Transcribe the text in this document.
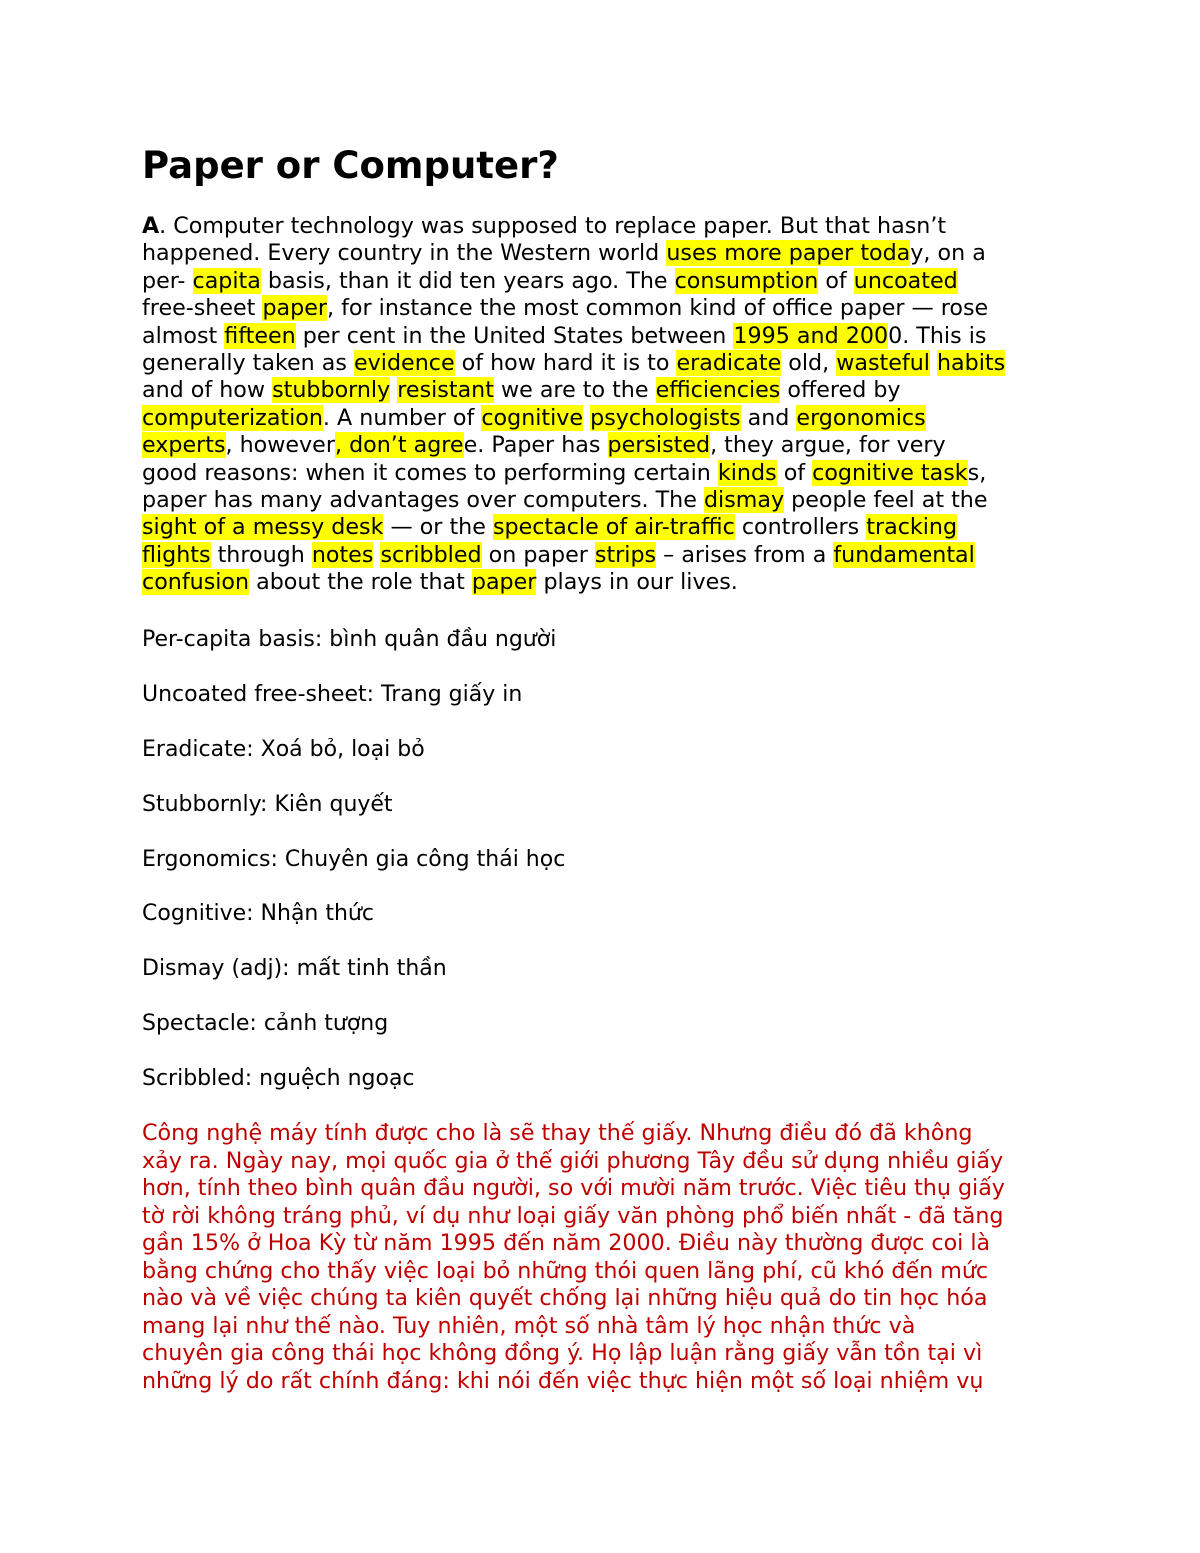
Paper or Computer?

A. Computer technology was supposed to replace paper. But that hasn’t
happened. Every country in the Western world uses more paper today, on a
per- capita basis, than it did ten years ago. The consumption of uncoated
free-sheet paper, for instance the most common kind of office paper — rose
almost fifteen per cent in the United States between 1995 and 2000. This is
generally taken as evidence of how hard it is to eradicate old, wasteful habits
and of how stubbornly resistant we are to the efficiencies offered by
computerization. A number of cognitive psychologists and ergonomics
experts, however, don’t agree. Paper has persisted, they argue, for very
good reasons: when it comes to performing certain kinds of cognitive tasks,
paper has many advantages over computers. The dismay people feel at the
sight of a messy desk — or the spectacle of air-traffic controllers tracking
flights through notes scribbled on paper strips – arises from a fundamental
confusion about the role that paper plays in our lives.

Per-capita basis: bình quân đầu người

Uncoated free-sheet: Trang giấy in

Eradicate: Xoá bỏ, loại bỏ

Stubbornly: Kiên quyết

Ergonomics: Chuyên gia công thái học

Cognitive: Nhận thức

Dismay (adj): mất tinh thần

Spectacle: cảnh tượng

Scribbled: nguệch ngoạc

Công nghệ máy tính được cho là sẽ thay thế giấy. Nhưng điều đó đã không
xảy ra. Ngày nay, mọi quốc gia ở thế giới phương Tây đều sử dụng nhiều giấy
hơn, tính theo bình quân đầu người, so với mười năm trước. Việc tiêu thụ giấy
tờ rời không tráng phủ, ví dụ như loại giấy văn phòng phổ biến nhất - đã tăng
gần 15% ở Hoa Kỳ từ năm 1995 đến năm 2000. Điều này thường được coi là
bằng chứng cho thấy việc loại bỏ những thói quen lãng phí, cũ khó đến mức
nào và về việc chúng ta kiên quyết chống lại những hiệu quả do tin học hóa
mang lại như thế nào. Tuy nhiên, một số nhà tâm lý học nhận thức và
chuyên gia công thái học không đồng ý. Họ lập luận rằng giấy vẫn tồn tại vì
những lý do rất chính đáng: khi nói đến việc thực hiện một số loại nhiệm vụ
